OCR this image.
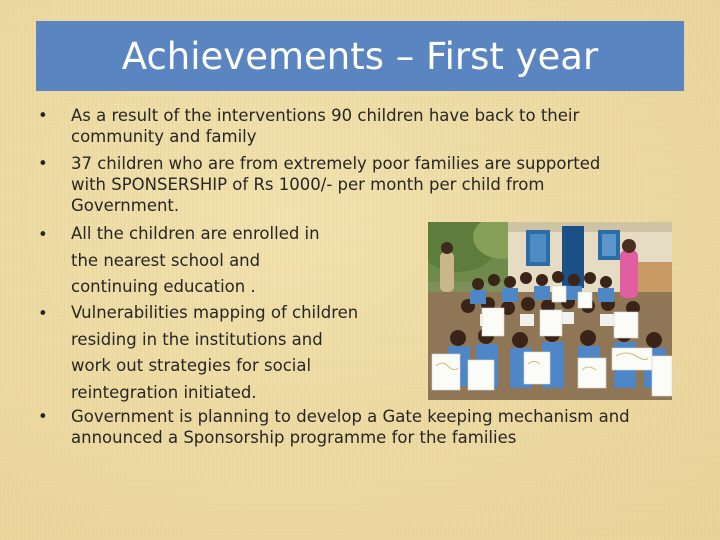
Achievements – First year
• As a result of the interventions 90 children have back to their
community and family
• 37 children who are from extremely poor families are supported
with SPONSERSHIP of Rs 1000/- per month per child from
Government.
• All the children are enrolled in
the nearest school and
continuing education .
• Vulnerabilities mapping of children
residing in the institutions and
work out strategies for social
reintegration initiated.
• Government is planning to develop a Gate keeping mechanism and
announced a Sponsorship programme for the families
